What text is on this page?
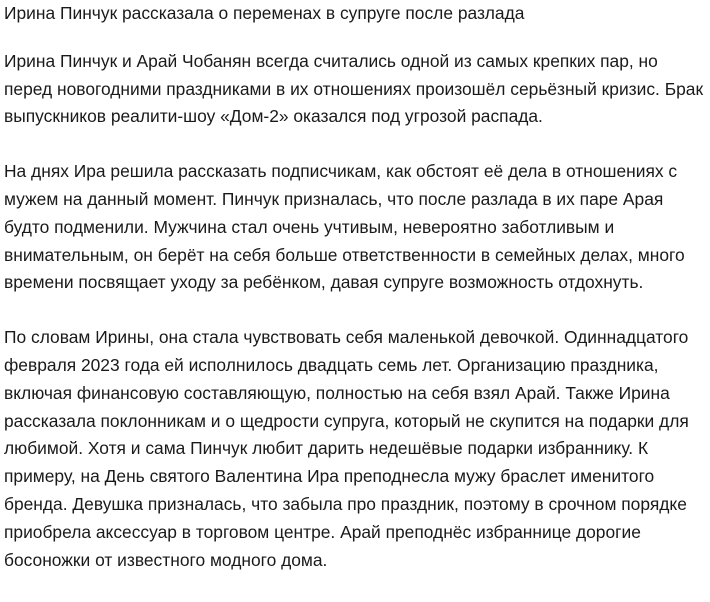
Ирина Пинчук рассказала о переменах в супруге после разлада

Ирина Пинчук и Арай Чобанян всегда считались одной из самых крепких пар, но перед новогодними праздниками в их отношениях произошёл серьёзный кризис. Брак выпускников реалити-шоу «Дом-2» оказался под угрозой распада.

На днях Ира решила рассказать подписчикам, как обстоят её дела в отношениях с мужем на данный момент. Пинчук призналась, что после разлада в их паре Арая будто подменили. Мужчина стал очень учтивым, невероятно заботливым и внимательным, он берёт на себя больше ответственности в семейных делах, много времени посвящает уходу за ребёнком, давая супруге возможность отдохнуть.

По словам Ирины, она стала чувствовать себя маленькой девочкой. Одиннадцатого февраля 2023 года ей исполнилось двадцать семь лет. Организацию праздника, включая финансовую составляющую, полностью на себя взял Арай. Также Ирина рассказала поклонникам и о щедрости супруга, который не скупится на подарки для любимой. Хотя и сама Пинчук любит дарить недешёвые подарки избраннику. К примеру, на День святого Валентина Ира преподнесла мужу браслет именитого бренда. Девушка призналась, что забыла про праздник, поэтому в срочном порядке приобрела аксессуар в торговом центре. Арай преподнёс избраннице дорогие босоножки от известного модного дома.
